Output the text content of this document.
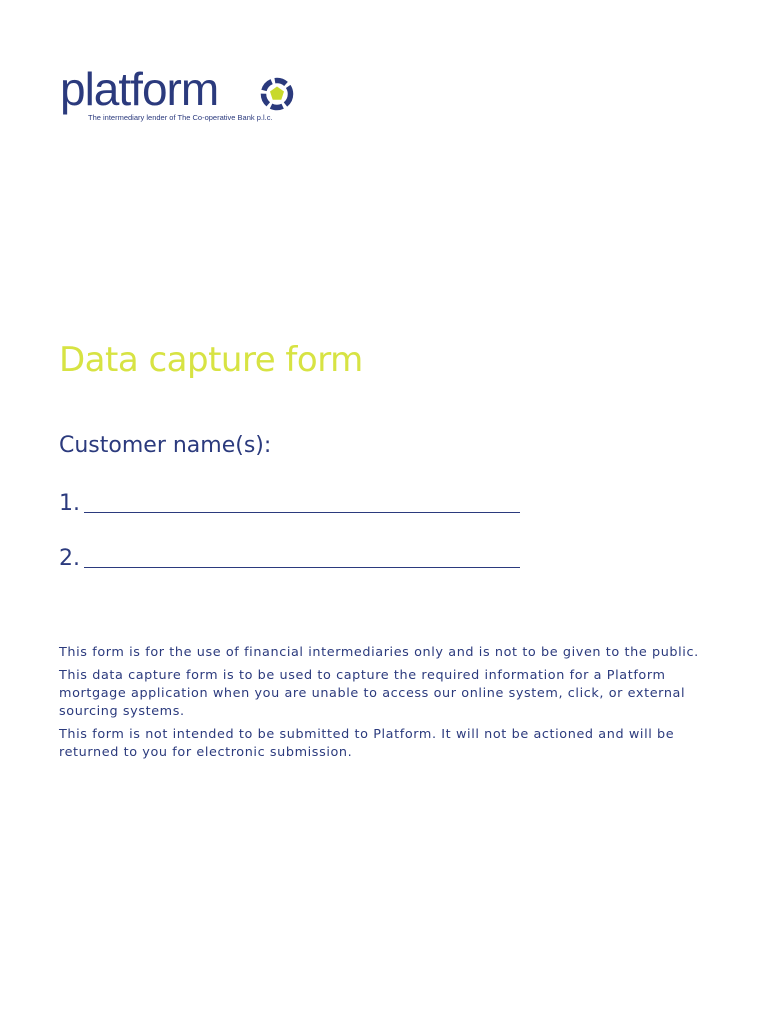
platform
The intermediary lender of The Co-operative Bank p.l.c.
Data capture form
Customer name(s):
1.
2.

This form is for the use of financial intermediaries only and is not to be given to the public.

This data capture form is to be used to capture the required information for a Platform mortgage application when you are unable to access our online system, click, or external sourcing systems.

This form is not intended to be submitted to Platform. It will not be actioned and will be returned to you for electronic submission.
